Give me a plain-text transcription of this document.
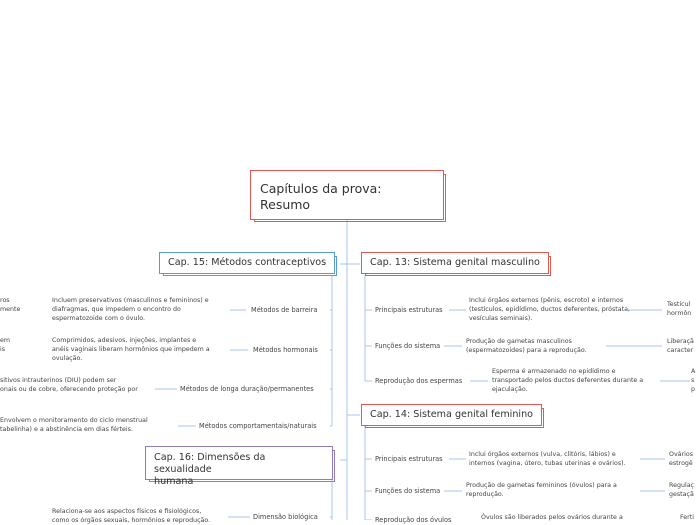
Capítulos da prova:
Resumo
Cap. 15: Métodos contraceptivos	Cap. 13: Sistema genital masculino
Cap. 14: Sistema genital feminino
Cap. 16: Dimensões da sexualidade
humana
Métodos de barreira
Incluem preservativos (masculinos e femininos) e
diafragmas, que impedem o encontro do
espermatozoide com o óvulo.
ros
mente
Métodos hormonais
Comprimidos, adesivos, injeções, implantes e
anéis vaginais liberam hormônios que impedem a
ovulação.
em
is
Métodos de longa duração/permanentes
sitivos intrauterinos (DIU) podem ser
onais ou de cobre, oferecendo proteção por
Métodos comportamentais/naturais
Envolvem o monitoramento do ciclo menstrual
tabelinha) e a abstinência em dias férteis.
Dimensão biológica
Relaciona-se aos aspectos físicos e fisiológicos,
como os órgãos sexuais, hormônios e reprodução.
Principais estruturas
Inclui órgãos externos (pênis, escroto) e internos
(testículos, epidídimo, ductos deferentes, próstata,
vesículas seminais).
Testícul
hormôn
Funções do sistema
Produção de gametas masculinos
(espermatozoides) para a reprodução.
Liberaçã
caracter
Reprodução dos espermas
Esperma é armazenado no epidídimo e
transportado pelos ductos deferentes durante a
ejaculação.
A
s
p
Principais estruturas
Inclui órgãos externos (vulva, clitóris, lábios) e
internos (vagina, útero, tubas uterinas e ovários).
Ovários
estrogê
Funções do sistema
Produção de gametas femininos (óvulos) para a
reprodução.
Regulaç
gestaçã
Reprodução dos óvulos	Óvulos são liberados pelos ovários durante a	Ferti
